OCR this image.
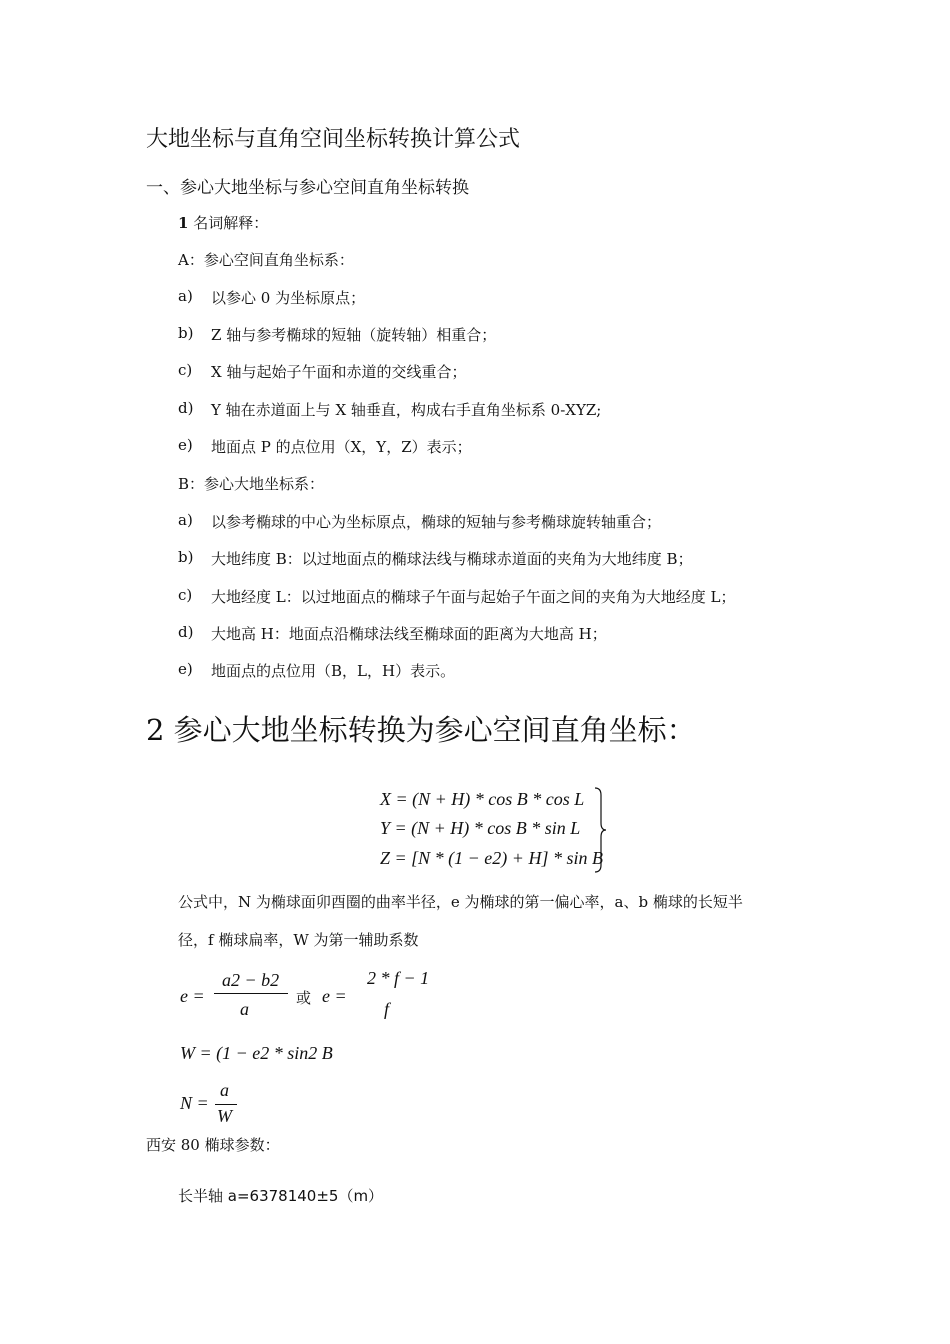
大地坐标与直角空间坐标转换计算公式
一、参心大地坐标与参心空间直角坐标转换
1 名词解释：
A：参心空间直角坐标系：
a) 以参心 0 为坐标原点；
b) Z 轴与参考椭球的短轴（旋转轴）相重合；
c) X 轴与起始子午面和赤道的交线重合；
d) Y 轴在赤道面上与 X 轴垂直，构成右手直角坐标系 0-XYZ;
e) 地面点 P 的点位用（X，Y，Z）表示；
B：参心大地坐标系：
a) 以参考椭球的中心为坐标原点，椭球的短轴与参考椭球旋转轴重合；
b) 大地纬度 B：以过地面点的椭球法线与椭球赤道面的夹角为大地纬度 B；
c) 大地经度 L：以过地面点的椭球子午面与起始子午面之间的夹角为大地经度 L；
d) 大地高 H：地面点沿椭球法线至椭球面的距离为大地高 H；
e) 地面点的点位用（B，L，H）表示。
2 参心大地坐标转换为参心空间直角坐标：
X = (N + H) * cos B * cos L
Y = (N + H) * cos B * sin L
Z = [N * (1 − e2) + H] * sin B
公式中，N 为椭球面卯酉圈的曲率半径，e 为椭球的第一偏心率，a、b 椭球的长短半
径，f 椭球扁率，W 为第一辅助系数
e =
a2 − b2
a
或 e =
2 * f − 1
f
W = (1 − e2 * sin2 B
N =
a
W
西安 80 椭球参数：
长半轴 a=6378140±5（m）
